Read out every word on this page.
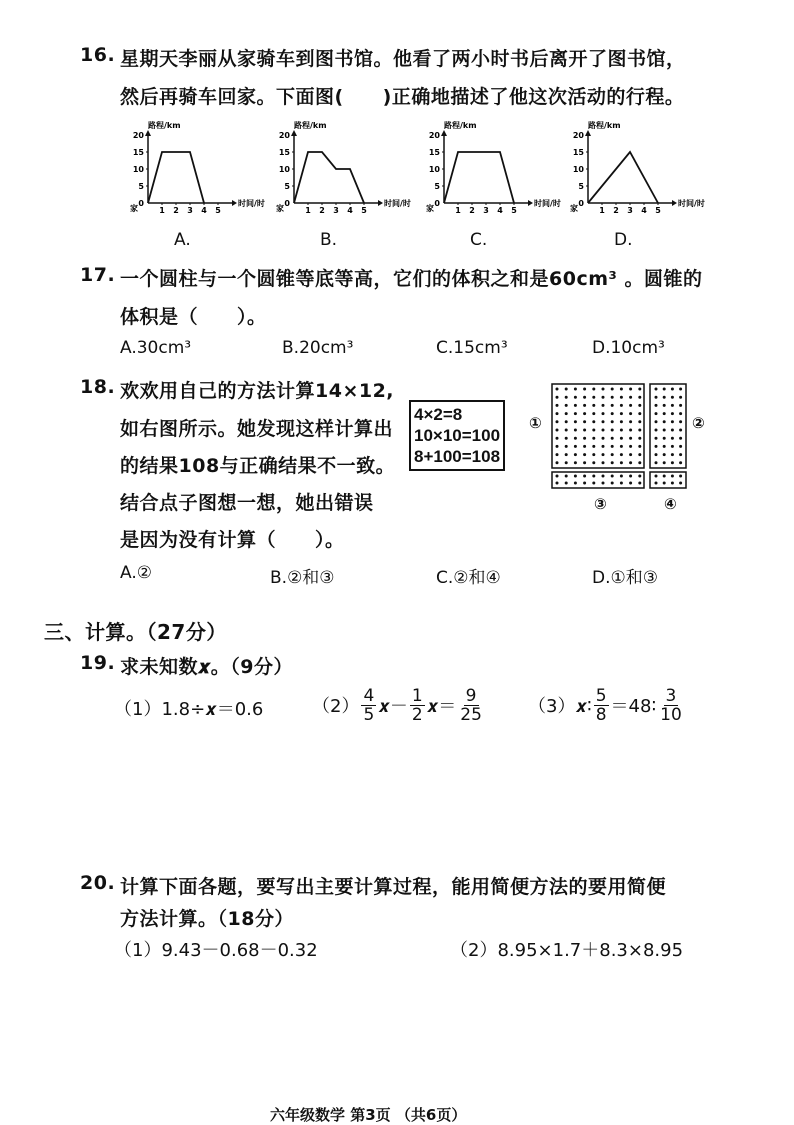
16. 星期天李丽从家骑车到图书馆。他看了两小时书后离开了图书馆，
然后再骑车回家。下面图(　　)正确地描述了他这次活动的行程。
路程/km
时间/时
家
20
15
10
5
0
1 2 3 4 5
A.
路程/km
时间/时
家
20
15
10
5
0
1 2 3 4 5
B.
路程/km
时间/时
家
20
15
10
5
0
1 2 3 4 5
C.
路程/km
时间/时
家
20
15
10
5
0
1 2 3 4 5
D.
17. 一个圆柱与一个圆锥等底等高，它们的体积之和是60cm³ 。圆锥的
体积是（　　）。
A.30cm³	B.20cm³	C.15cm³	D.10cm³
18. 欢欢用自己的方法计算14×12,
如右图所示。她发现这样计算出
的结果108与正确结果不一致。
结合点子图想一想，她出错误
是因为没有计算（　　）。
4×2=8
10×10=100
8+100=108
①	②
③	④
A.②	B.②和③	C.②和④	D.①和③
三、计算。（27分）
19. 求未知数𝒙。（9分）
（1）1.8÷𝒙＝0.6	$(2) \frac{4}{5}$ 𝒙－ $\frac{1}{2}$ 𝒙＝ $\frac{9}{25}$ （3）𝒙∶ $\frac{5}{8}$ ＝48∶ $\frac{3}{10}$
20. 计算下面各题，要写出主要计算过程，能用简便方法的要用简便
方法计算。（18分）
（1）9.43－0.68－0.32	（2）8.95×1.7＋8.3×8.95
六年级数学 第3页 （共6页）
